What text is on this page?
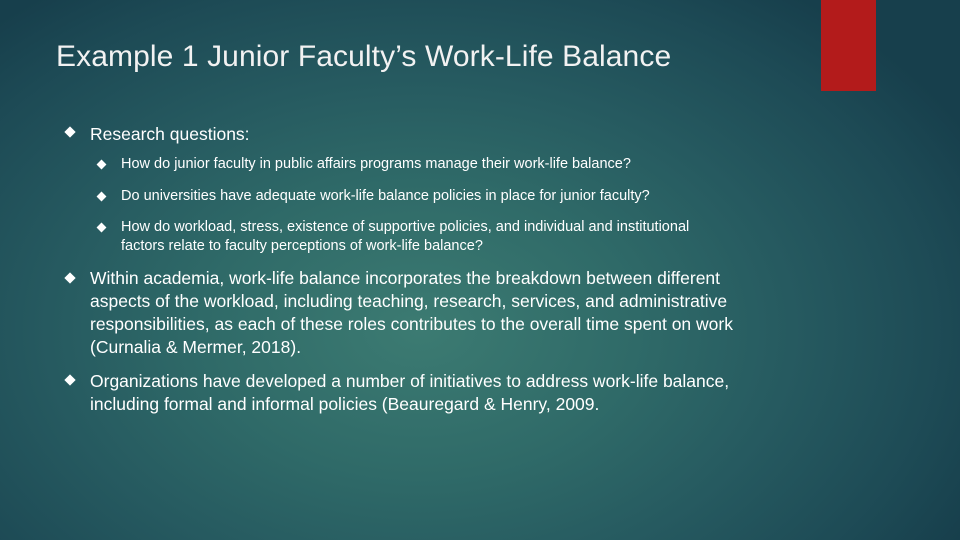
Example 1 Junior Faculty’s Work-Life Balance
Research questions:
How do junior faculty in public affairs programs manage their work-life balance?
Do universities have adequate work-life balance policies in place for junior faculty?
How do workload, stress, existence of supportive policies, and individual and institutional factors relate to faculty perceptions of work-life balance?
Within academia, work-life balance incorporates the breakdown between different aspects of the workload, including teaching, research, services, and administrative responsibilities, as each of these roles contributes to the overall time spent on work (Curnalia & Mermer, 2018).
Organizations have developed a number of initiatives to address work-life balance, including formal and informal policies (Beauregard & Henry, 2009.
